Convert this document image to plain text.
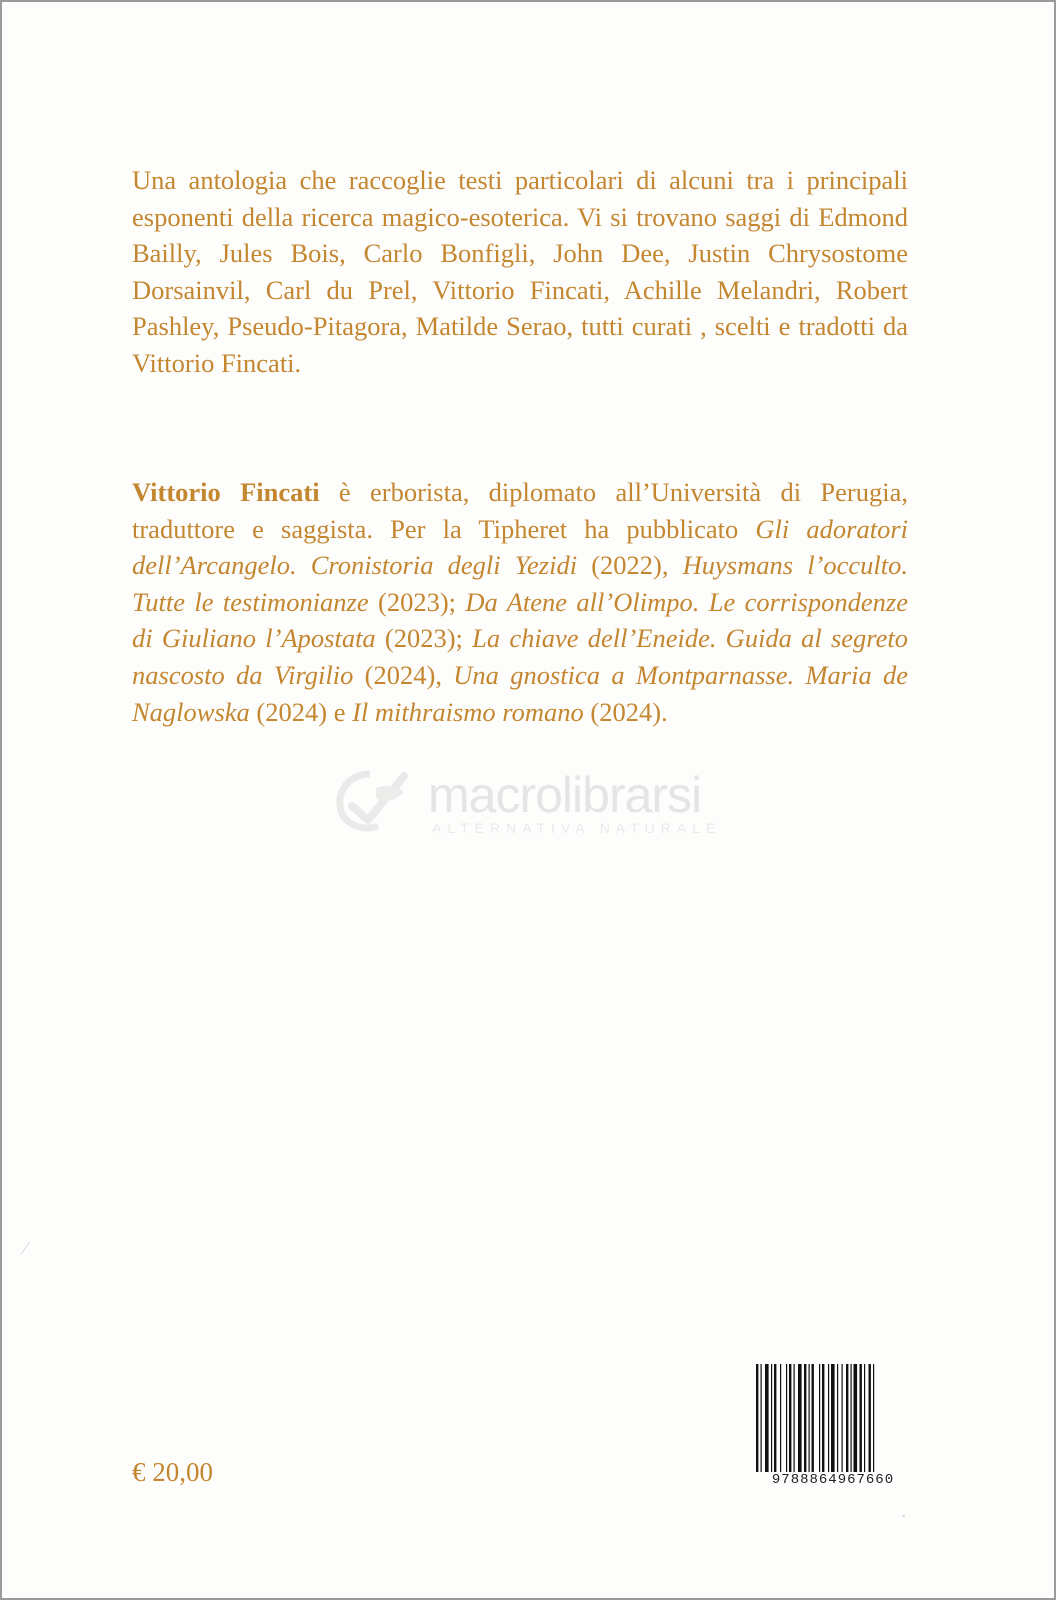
Una antologia che raccoglie testi particolari di alcuni tra i principali esponenti della ricerca magico-esoterica. Vi si trovano saggi di Edmond Bailly, Jules Bois, Carlo Bonfigli, John Dee, Justin Chrysostome Dorsainvil, Carl du Prel, Vittorio Fincati, Achille Melandri, Robert Pashley, Pseudo-Pitagora, Matilde Serao, tutti curati , scelti e tradotti da Vittorio Fincati.

Vittorio Fincati è erborista, diplomato all’Università di Perugia, traduttore e saggista. Per la Tipheret ha pubblicato Gli adoratori dell’Arcangelo. Cronistoria degli Yezidi (2022), Huysmans l’occulto. Tutte le testimonianze (2023); Da Atene all’Olimpo. Le corrispondenze di Giuliano l’Apostata (2023); La chiave dell’Eneide. Guida al segreto nascosto da Virgilio (2024), Una gnostica a Montparnasse. Maria de Naglowska (2024) e Il mithraismo romano (2024).

macrolibrarsi
ALTERNATIVA NATURALE
€ 20,00	9788864967660
⁄
•
